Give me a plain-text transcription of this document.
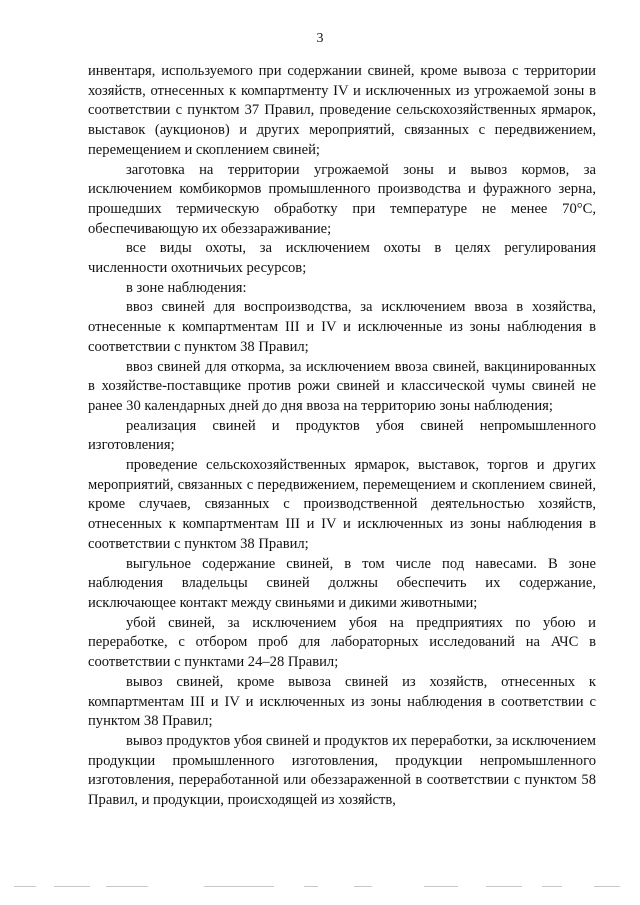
3

инвентаря, используемого при содержании свиней, кроме вывоза с территории хозяйств, отнесенных к компартменту IV и исключенных из угрожаемой зоны в соответствии с пунктом 37 Правил, проведение сельскохозяйственных ярмарок, выставок (аукционов) и других мероприятий, связанных с передвижением, перемещением и скоплением свиней;

заготовка на территории угрожаемой зоны и вывоз кормов, за исключением комбикормов промышленного производства и фуражного зерна, прошедших термическую обработку при температуре не менее 70°C, обеспечивающую их обеззараживание;

все виды охоты, за исключением охоты в целях регулирования численности охотничьих ресурсов;

в зоне наблюдения:

ввоз свиней для воспроизводства, за исключением ввоза в хозяйства, отнесенные к компартментам III и IV и исключенные из зоны наблюдения в соответствии с пунктом 38 Правил;

ввоз свиней для откорма, за исключением ввоза свиней, вакцинированных в хозяйстве-поставщике против рожи свиней и классической чумы свиней не ранее 30 календарных дней до дня ввоза на территорию зоны наблюдения;

реализация свиней и продуктов убоя свиней непромышленного изготовления;

проведение сельскохозяйственных ярмарок, выставок, торгов и других мероприятий, связанных с передвижением, перемещением и скоплением свиней, кроме случаев, связанных с производственной деятельностью хозяйств, отнесенных к компартментам III и IV и исключенных из зоны наблюдения в соответствии с пунктом 38 Правил;

выгульное содержание свиней, в том числе под навесами. В зоне наблюдения владельцы свиней должны обеспечить их содержание, исключающее контакт между свиньями и дикими животными;

убой свиней, за исключением убоя на предприятиях по убою и переработке, с отбором проб для лабораторных исследований на АЧС в соответствии с пунктами 24–28 Правил;

вывоз свиней, кроме вывоза свиней из хозяйств, отнесенных к компартментам III и IV и исключенных из зоны наблюдения в соответствии с пунктом 38 Правил;

вывоз продуктов убоя свиней и продуктов их переработки, за исключением продукции промышленного изготовления, продукции непромышленного изготовления, переработанной или обеззараженной в соответствии с пунктом 58 Правил, и продукции, происходящей из хозяйств,
